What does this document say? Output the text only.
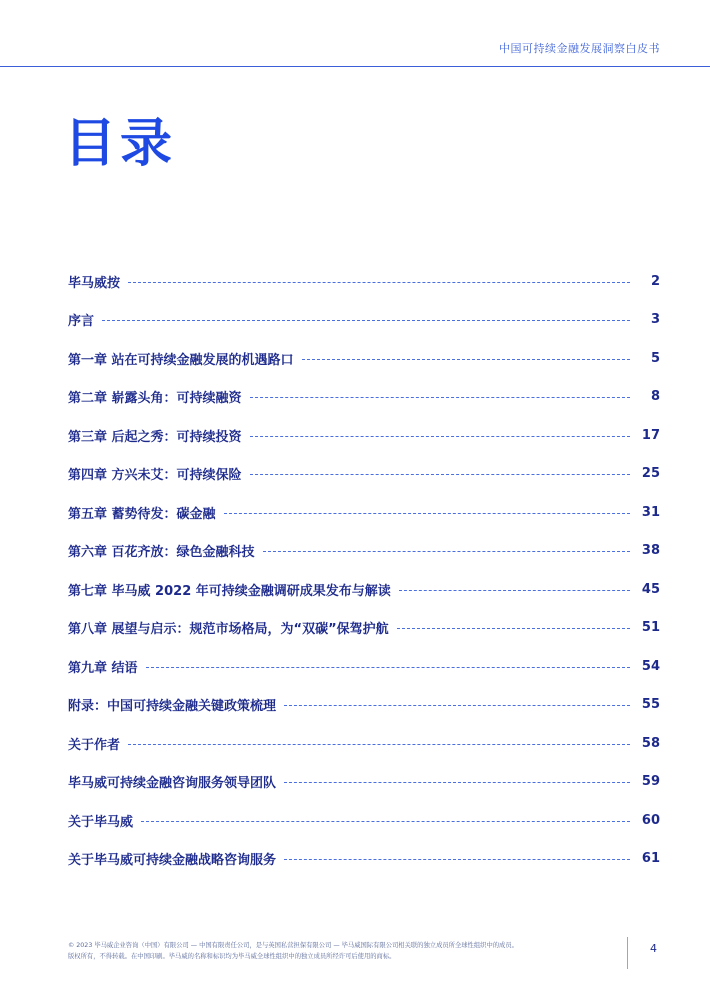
中国可持续金融发展洞察白皮书
目录
毕马威按	2
序言	3
第一章 站在可持续金融发展的机遇路口	5
第二章 崭露头角：可持续融资	8
第三章 后起之秀：可持续投资	17
第四章 方兴未艾：可持续保险	25
第五章 蓄势待发：碳金融	31
第六章 百花齐放：绿色金融科技	38
第七章 毕马威 2022 年可持续金融调研成果发布与解读	45
第八章 展望与启示：规范市场格局，为“双碳”保驾护航	51
第九章 结语	54
附录：中国可持续金融关键政策梳理	55
关于作者	58
毕马威可持续金融咨询服务领导团队	59
关于毕马威	60
关于毕马威可持续金融战略咨询服务	61
© 2023 毕马威企业咨询（中国）有限公司 — 中国有限责任公司，是与英国私营担保有限公司 — 毕马威国际有限公司相关联的独立成员所全球性组织中的成员。
版权所有，不得转载。在中国印刷。毕马威的名称和标识均为毕马威全球性组织中的独立成员所经许可后使用的商标。
4
